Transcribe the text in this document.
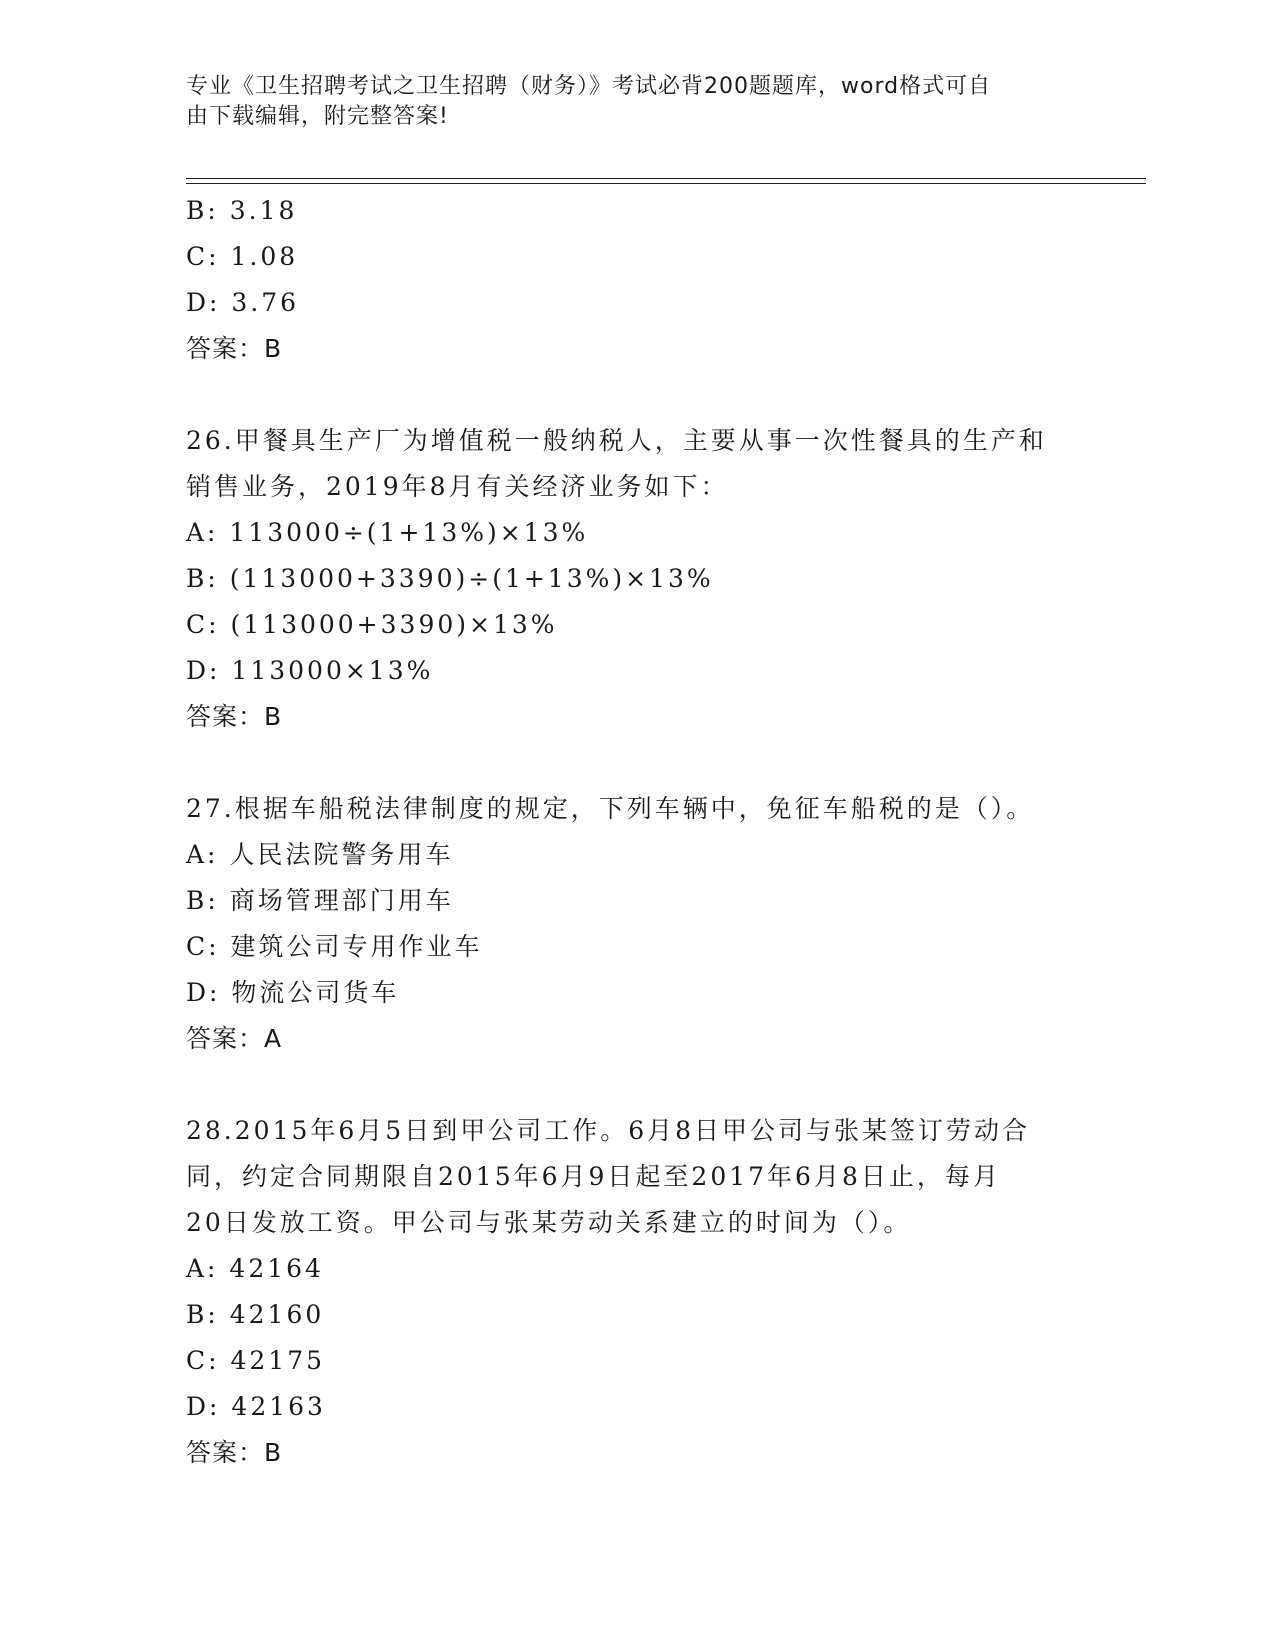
专业《卫生招聘考试之卫生招聘（财务）》考试必背200题题库，word格式可自
由下载编辑，附完整答案!
B: 3.18
C: 1.08
D: 3.76
答案：B
26.甲餐具生产厂为增值税一般纳税人，主要从事一次性餐具的生产和
销售业务，2019年8月有关经济业务如下：
A: 113000÷(1+13%)×13%
B: (113000+3390)÷(1+13%)×13%
C: (113000+3390)×13%
D: 113000×13%
答案：B
27.根据车船税法律制度的规定，下列车辆中，免征车船税的是（）。
A: 人民法院警务用车
B: 商场管理部门用车
C: 建筑公司专用作业车
D: 物流公司货车
答案：A
28.2015年6月5日到甲公司工作。6月8日甲公司与张某签订劳动合
同，约定合同期限自2015年6月9日起至2017年6月8日止，每月
20日发放工资。甲公司与张某劳动关系建立的时间为（）。
A: 42164
B: 42160
C: 42175
D: 42163
答案：B
